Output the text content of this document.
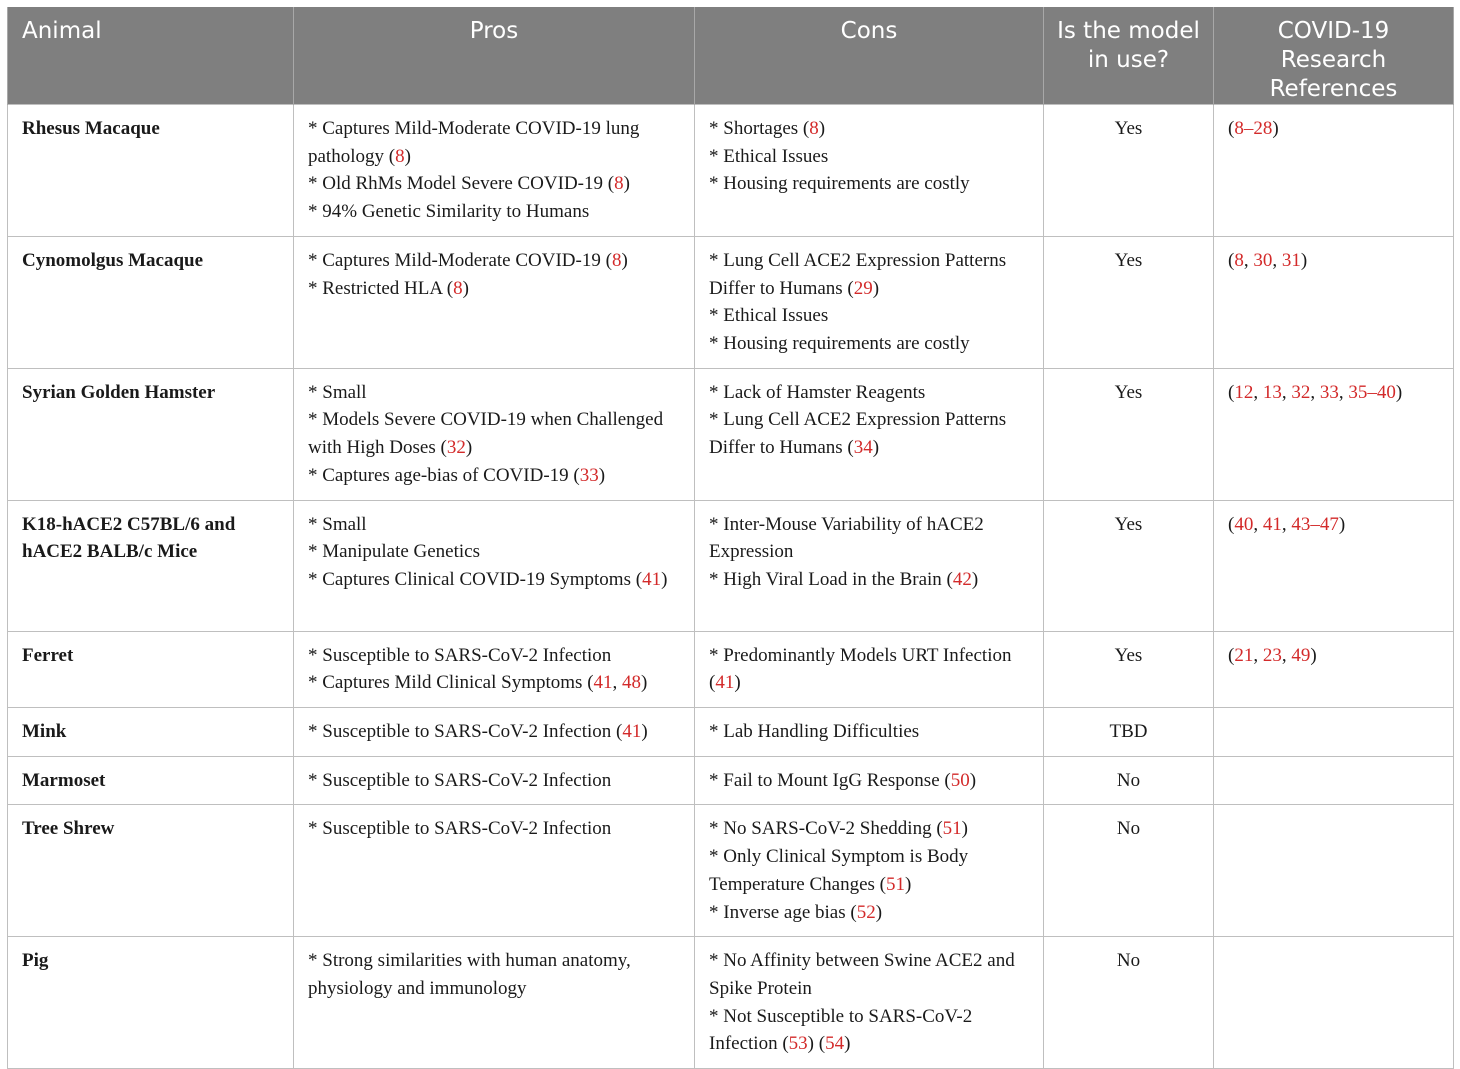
Animal	Pros	Cons	Is the model in use?	COVID-19 Research References
Rhesus Macaque	* Captures Mild-Moderate COVID-19 lung pathology (8)
* Old RhMs Model Severe COVID-19 (8)
* 94% Genetic Similarity to Humans	* Shortages (8)
* Ethical Issues
* Housing requirements are costly	Yes	(8–28)
Cynomolgus Macaque	* Captures Mild-Moderate COVID-19 (8)
* Restricted HLA (8)	* Lung Cell ACE2 Expression Patterns Differ to Humans (29)
* Ethical Issues
* Housing requirements are costly	Yes	(8, 30, 31)
Syrian Golden Hamster	* Small
* Models Severe COVID-19 when Challenged with High Doses (32)
* Captures age-bias of COVID-19 (33)	* Lack of Hamster Reagents
* Lung Cell ACE2 Expression Patterns Differ to Humans (34)	Yes	(12, 13, 32, 33, 35–40)
K18-hACE2 C57BL/6 and hACE2 BALB/c Mice	* Small
* Manipulate Genetics
* Captures Clinical COVID-19 Symptoms (41)	* Inter-Mouse Variability of hACE2 Expression
* High Viral Load in the Brain (42)	Yes	(40, 41, 43–47)
Ferret	* Susceptible to SARS-CoV-2 Infection
* Captures Mild Clinical Symptoms (41, 48)	* Predominantly Models URT Infection (41)	Yes	(21, 23, 49)
Mink	* Susceptible to SARS-CoV-2 Infection (41)	* Lab Handling Difficulties	TBD	
Marmoset	* Susceptible to SARS-CoV-2 Infection	* Fail to Mount IgG Response (50)	No	
Tree Shrew	* Susceptible to SARS-CoV-2 Infection	* No SARS-CoV-2 Shedding (51)
* Only Clinical Symptom is Body Temperature Changes (51)
* Inverse age bias (52)	No	
Pig	* Strong similarities with human anatomy, physiology and immunology	* No Affinity between Swine ACE2 and Spike Protein
* Not Susceptible to SARS-CoV-2 Infection (53) (54)	No	
